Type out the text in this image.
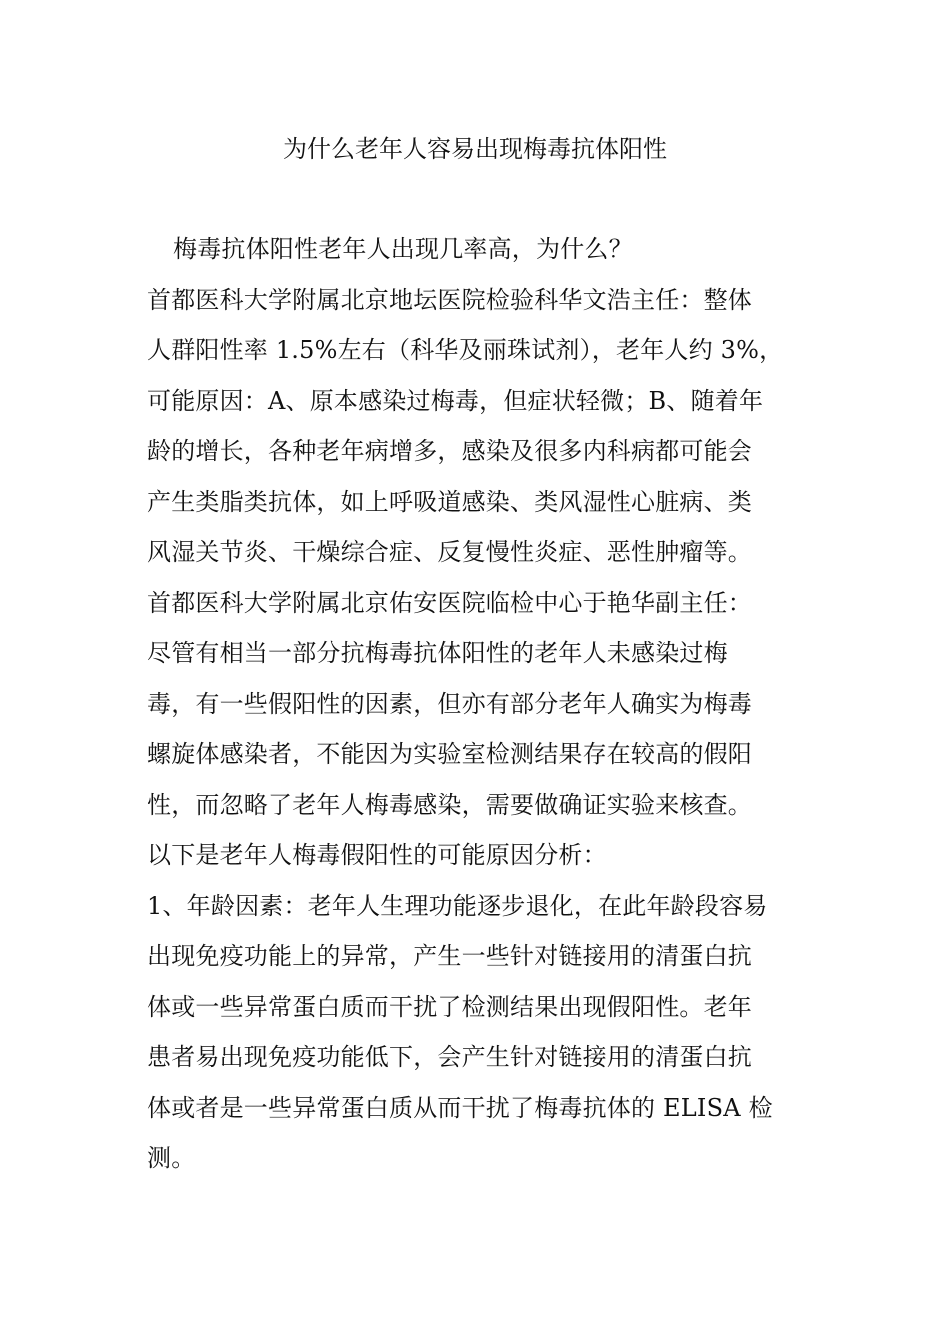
为什么老年人容易出现梅毒抗体阳性
梅毒抗体阳性老年人出现几率高，为什么？
首都医科大学附属北京地坛医院检验科华文浩主任：整体
人群阳性率 1.5%左右（科华及丽珠试剂），老年人约 3%，
可能原因：A、原本感染过梅毒，但症状轻微；B、随着年
龄的增长，各种老年病增多，感染及很多内科病都可能会
产生类脂类抗体，如上呼吸道感染、类风湿性心脏病、类
风湿关节炎、干燥综合症、反复慢性炎症、恶性肿瘤等。
首都医科大学附属北京佑安医院临检中心于艳华副主任：
尽管有相当一部分抗梅毒抗体阳性的老年人未感染过梅
毒，有一些假阳性的因素，但亦有部分老年人确实为梅毒
螺旋体感染者，不能因为实验室检测结果存在较高的假阳
性，而忽略了老年人梅毒感染，需要做确证实验来核查。
以下是老年人梅毒假阳性的可能原因分析：
1、年龄因素：老年人生理功能逐步退化，在此年龄段容易
出现免疫功能上的异常，产生一些针对链接用的清蛋白抗
体或一些异常蛋白质而干扰了检测结果出现假阳性。老年
患者易出现免疫功能低下，会产生针对链接用的清蛋白抗
体或者是一些异常蛋白质从而干扰了梅毒抗体的 ELISA 检
测。
